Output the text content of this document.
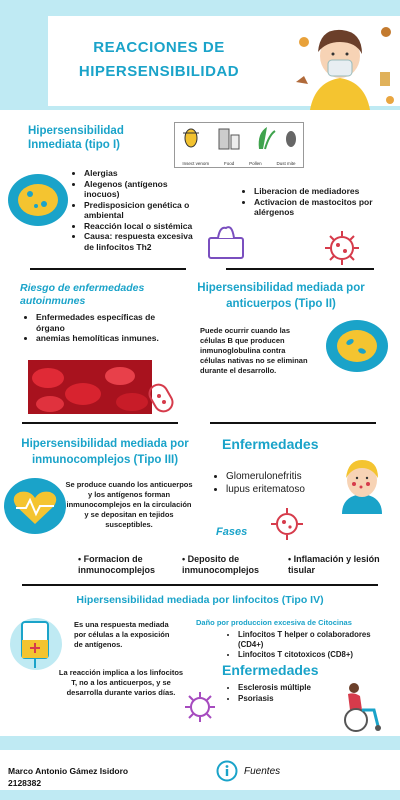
REACCIONES DE HIPERSENSIBILIDAD
Hipersensibilidad Inmediata (tipo I)
Insect venom	Food	Pollen	Dust mite
• Alergias
• Alegenos (antígenos inocuos)
• Predisposicion genética o ambiental
• Reacción local o sistémica
• Causa: respuesta excesiva de linfocitos Th2
• Liberacion de mediadores
• Activacion de mastocitos por alérgenos
Riesgo de enfermedades autoinmunes
• Enfermedades específicas de órgano
• anemias hemolíticas inmunes.
Hipersensibilidad mediada por anticuerpos (Tipo II)
Puede ocurrir cuando las células B que producen inmunoglobulina contra células nativas no se eliminan durante el desarrollo.
Hipersensibilidad mediada por inmunocomplejos (Tipo III)
Se produce cuando los anticuerpos y los antígenos forman inmunocomplejos en la circulación y se depositan en tejidos susceptibles.
Enfermedades
• Glomerulonefritis
• lupus eritematoso
Fases
• Formacion de inmunocomplejos
• Deposito de inmunocomplejos
• Inflamación y lesión tisular
Hipersensibilidad mediada por linfocitos (Tipo IV)
Es una respuesta mediada por células a la exposición de antígenos.
La reacción implica a los linfocitos T, no a los anticuerpos, y se desarrolla durante varios días.
Daño por produccion excesiva de Citocinas
• Linfocitos T helper o colaboradores (CD4+)
• Linfocitos T citotoxicos (CD8+)
Enfermedades
• Esclerosis múltiple
• Psoriasis
Marco Antonio Gámez Isidoro
2128382
Fuentes
